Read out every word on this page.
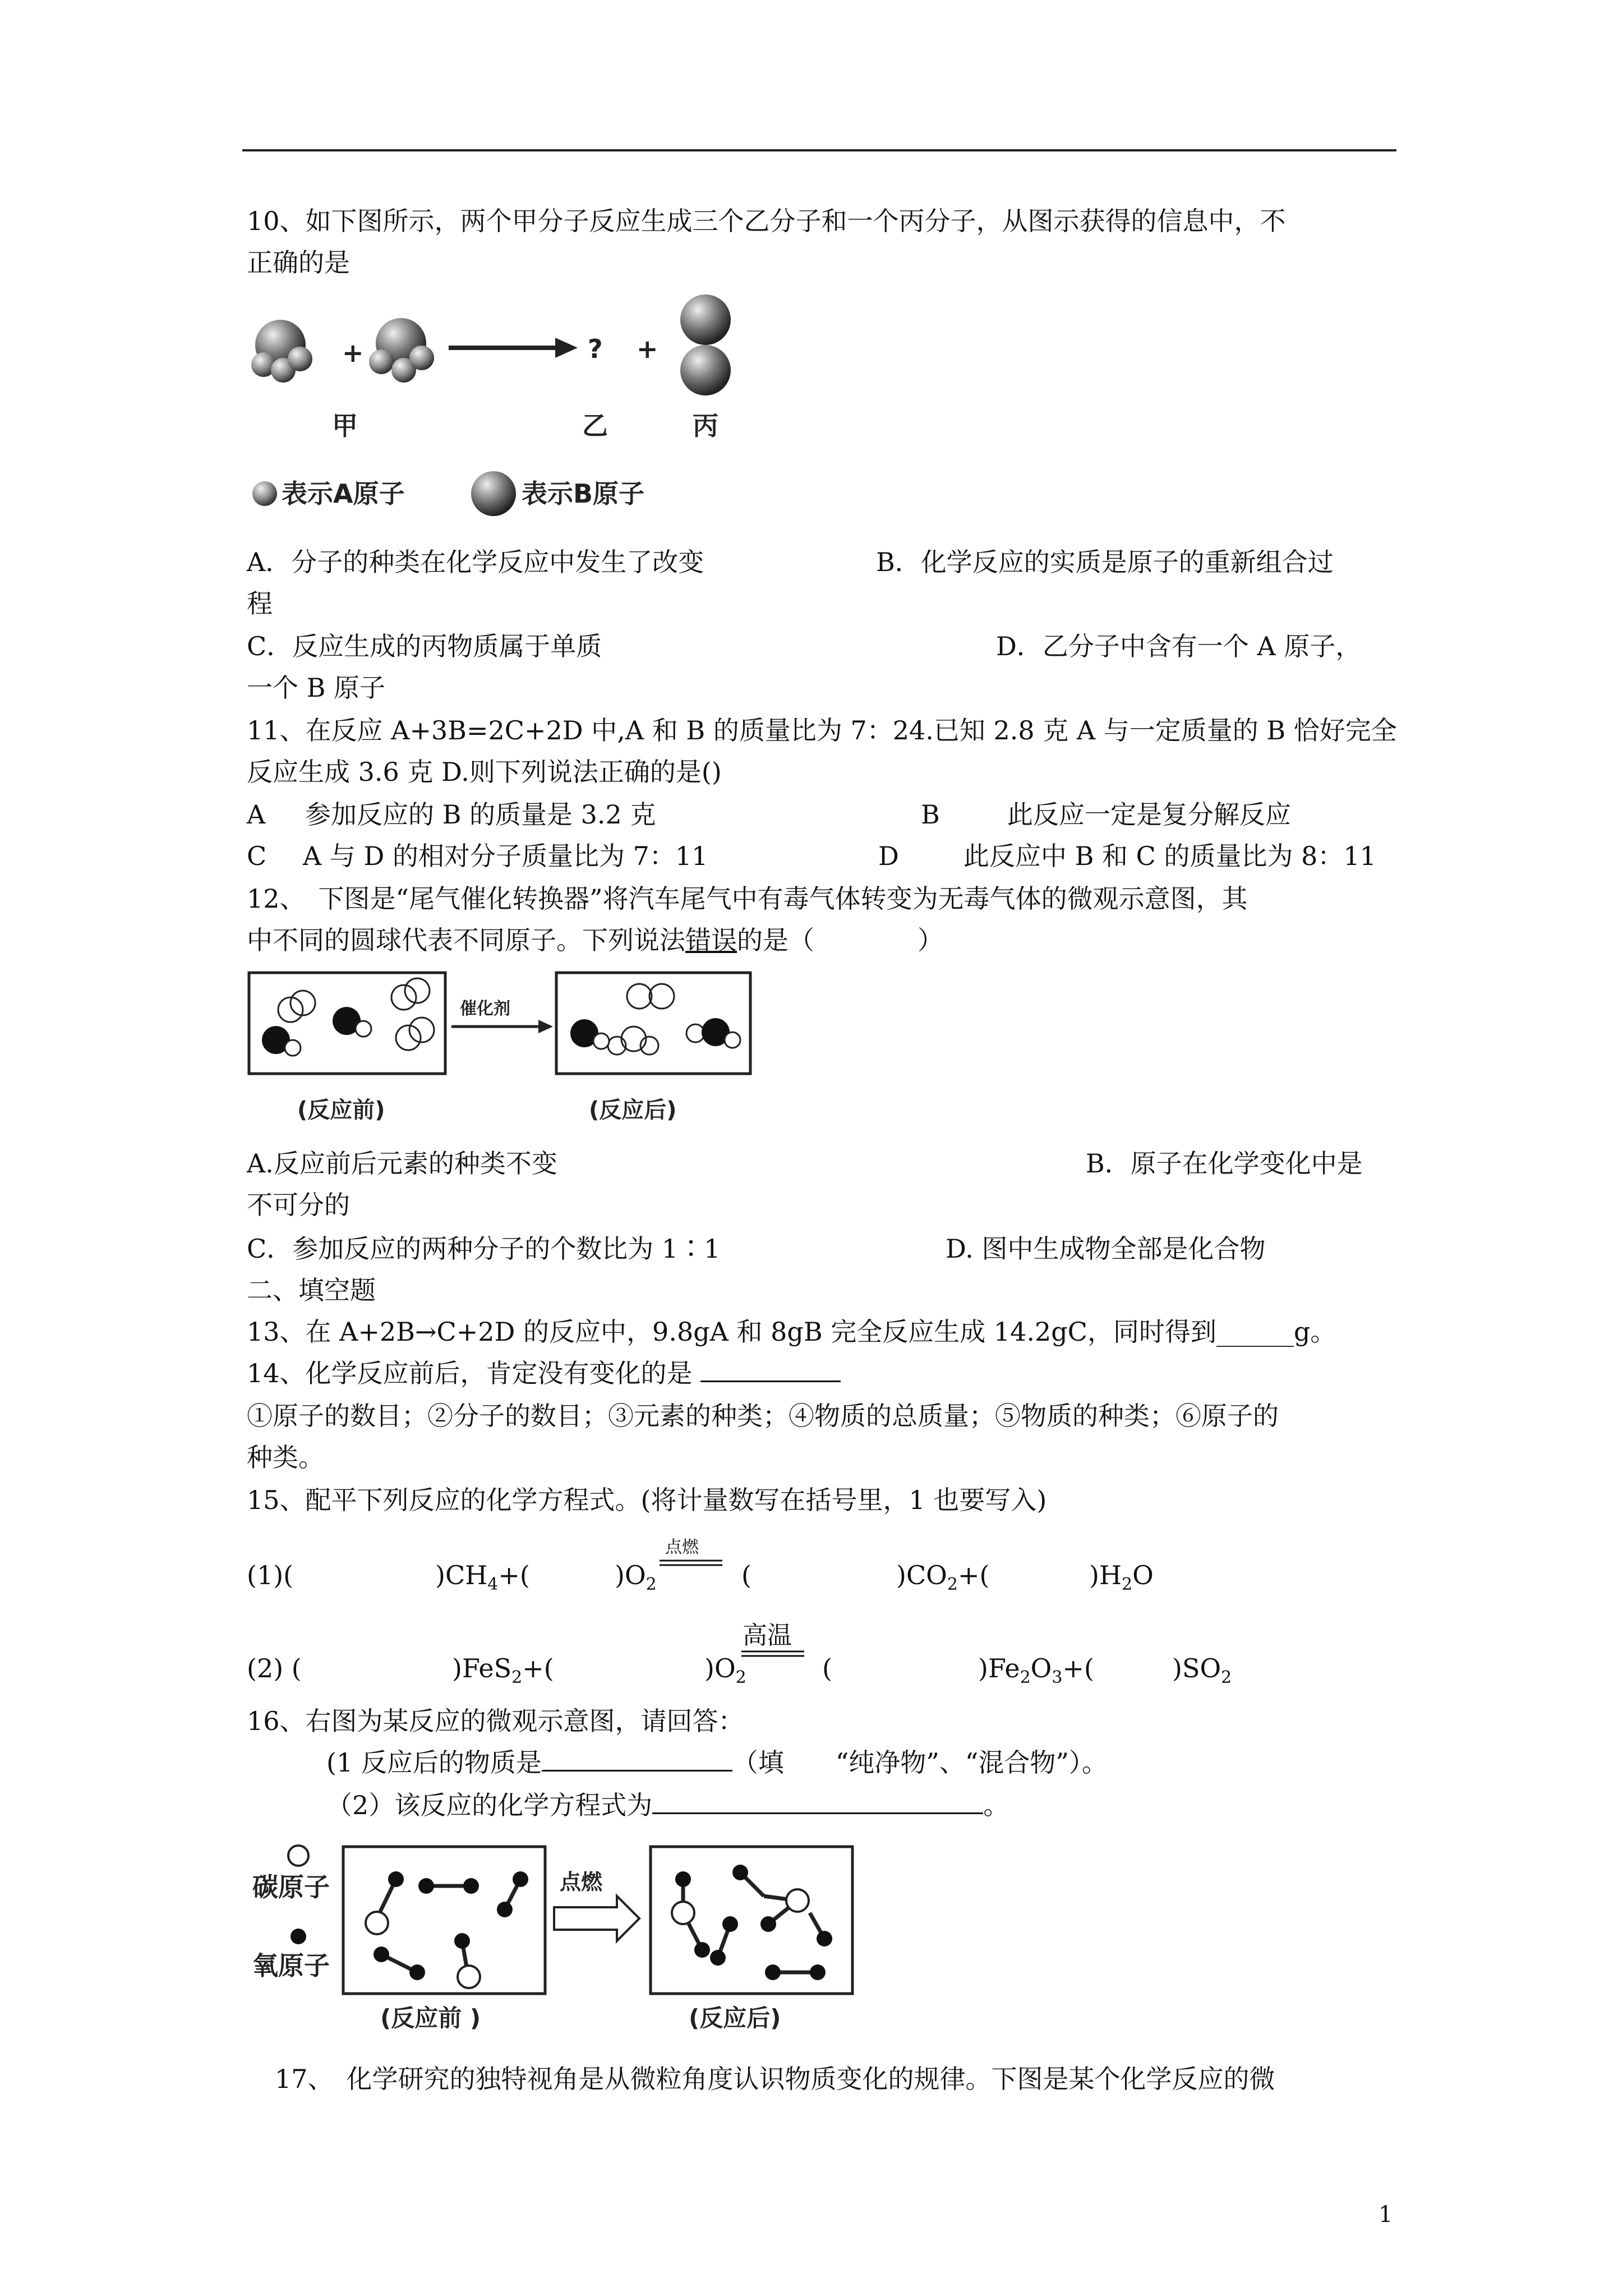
10、如下图所示，两个甲分子反应生成三个乙分子和一个丙分子，从图示获得的信息中，不
正确的是
+	? +
甲	乙	丙
表示A原子	表示B原子
A．分子的种类在化学反应中发生了改变	B．化学反应的实质是原子的重新组合过
程
C．反应生成的丙物质属于单质	D．乙分子中含有一个 A 原子，
一个 B 原子
11、在反应 A+3B=2C+2D 中,A 和 B 的质量比为 7：24.已知 2.8 克 A 与一定质量的 B 恰好完全
反应生成 3.6 克 D.则下列说法正确的是()
A 参加反应的 B 的质量是 3.2 克	B	此反应一定是复分解反应
C A 与 D 的相对分子质量比为 7：11	D	此反应中 B 和 C 的质量比为 8：11
12、　下图是“尾气催化转换器”将汽车尾气中有毒气体转变为无毒气体的微观示意图，其
中不同的圆球代表不同原子。下列说法错误的是（　　　　）
催化剂
(反应前)	(反应后)
A.反应前后元素的种类不变	B．原子在化学变化中是
不可分的
C．参加反应的两种分子的个数比为 1∶1	D. 图中生成物全部是化合物
二、填空题
13、在 A+2B→C+2D 的反应中，9.8gA 和 8gB 完全反应生成 14.2gC，同时得到______g。
14、化学反应前后，肯定没有变化的是
①原子的数目；②分子的数目；③元素的种类；④物质的总质量；⑤物质的种类；⑥原子的
种类。
15、配平下列反应的化学方程式。(将计量数写在括号里，1 也要写入)
(1)(	)$CH_4+$(	)$O_2$
点燃
(	)$CO_2+$(	)$H_2O$
(2) (	)FeS$_2$+(	)$O_2$
高温
(	)$Fe_2O_3+$(	)$SO_2$
16、右图为某反应的微观示意图，请回答：
(1 反应后的物质是	（填　　“纯净物”、“混合物”）。
（2）该反应的化学方程式为	。
碳原子
氧原子
点燃
(反应前 )	(反应后)
17、　化学研究的独特视角是从微粒角度认识物质变化的规律。下图是某个化学反应的微
1
